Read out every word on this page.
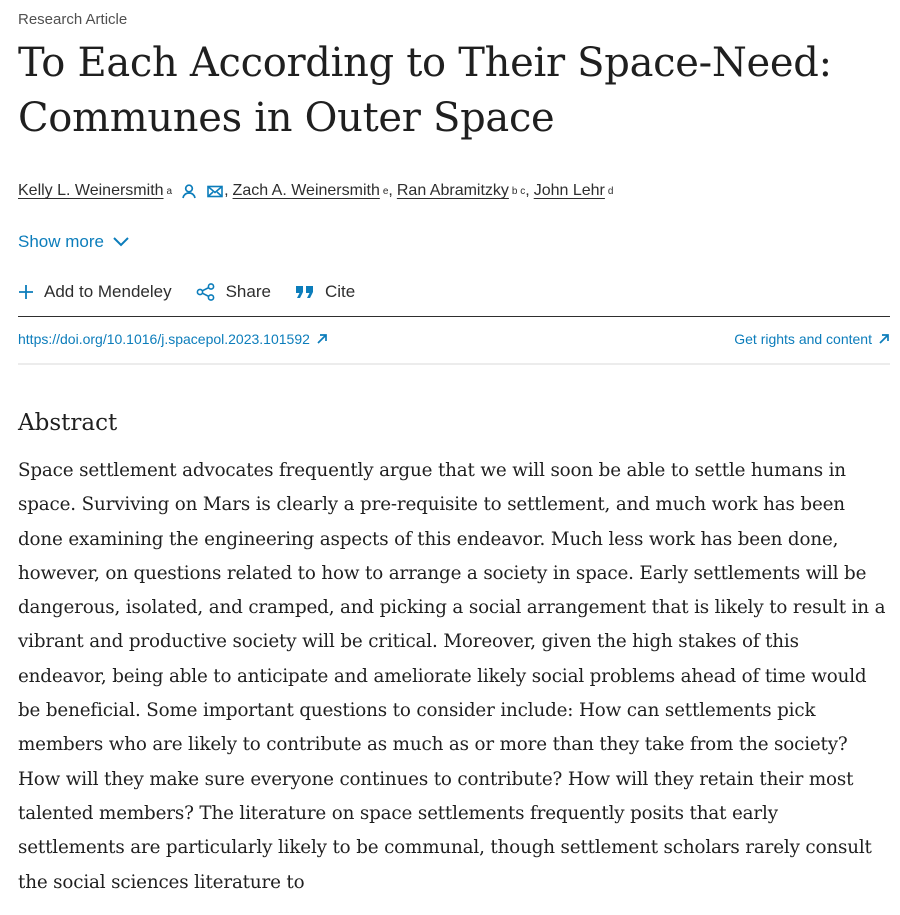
Research Article
To Each According to Their Space-Need:
Communes in Outer Space
Kelly L. Weinersmith a	, Zach A. Weinersmith e , Ran Abramitzky b c , John Lehr d
Show more
Add to Mendeley	Share	Cite
https://doi.org/10.1016/j.spacepol.2023.101592	Get rights and content
Abstract

Space settlement advocates frequently argue that we will soon be able to settle humans in space. Surviving on Mars is clearly a pre-requisite to settlement, and much work has been done examining the engineering aspects of this endeavor. Much less work has been done, however, on questions related to how to arrange a society in space. Early settlements will be dangerous, isolated, and cramped, and picking a social arrangement that is likely to result in a vibrant and productive society will be critical. Moreover, given the high stakes of this endeavor, being able to anticipate and ameliorate likely social problems ahead of time would be beneficial. Some important questions to consider include: How can settlements pick members who are likely to contribute as much as or more than they take from the society? How will they make sure everyone continues to contribute? How will they retain their most talented members? The literature on space settlements frequently posits that early settlements are particularly likely to be communal, though settlement scholars rarely consult the social sciences literature to
